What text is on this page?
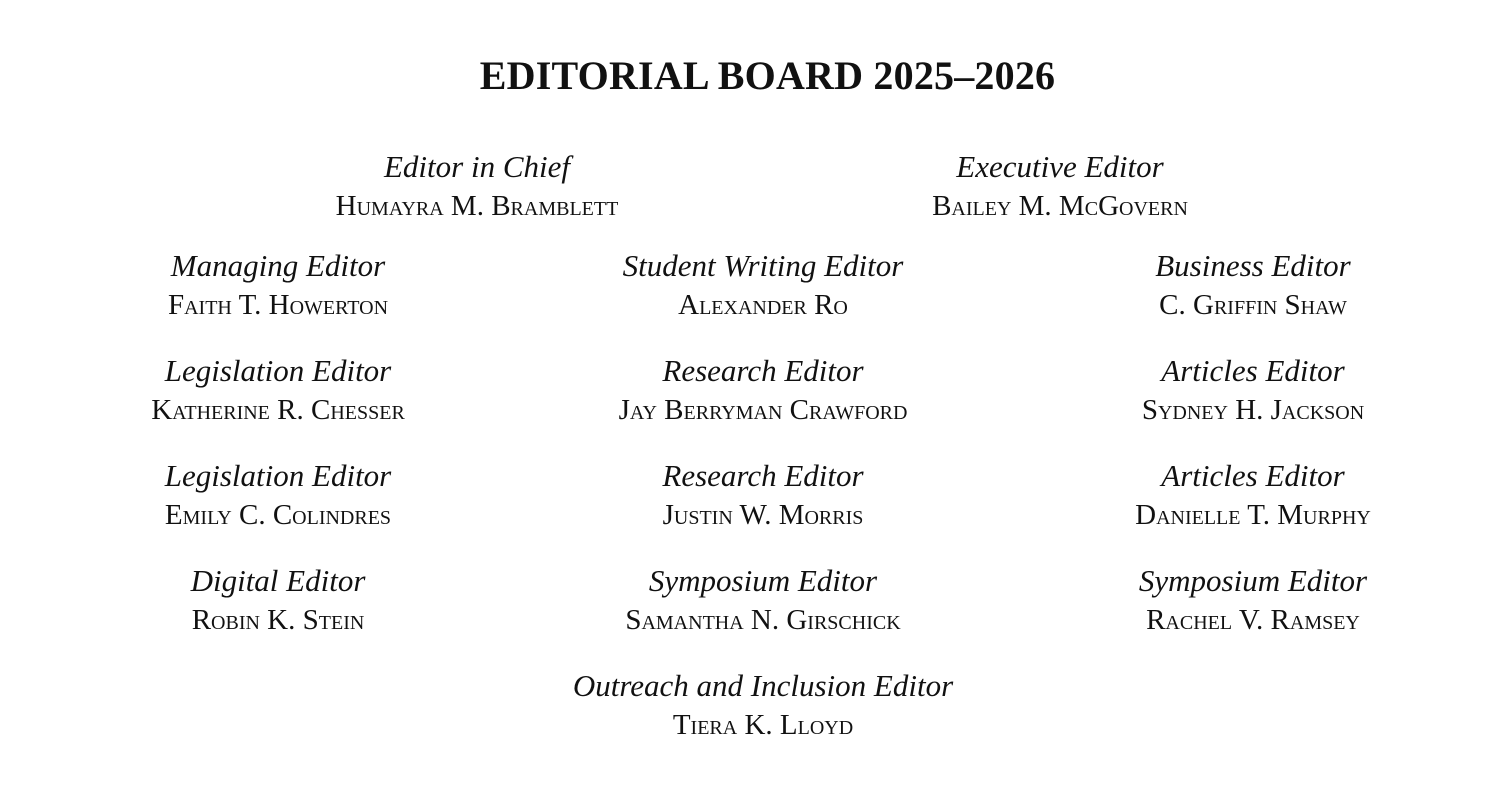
EDITORIAL BOARD 2025–2026
Editor in Chief
Humayra M. Bramblett
Executive Editor
Bailey M. McGovern
Managing Editor
Faith T. Howerton
Student Writing Editor
Alexander Ro
Business Editor
C. Griffin Shaw
Legislation Editor
Katherine R. Chesser
Research Editor
Jay Berryman Crawford
Articles Editor
Sydney H. Jackson
Legislation Editor
Emily C. Colindres
Research Editor
Justin W. Morris
Articles Editor
Danielle T. Murphy
Digital Editor
Robin K. Stein
Symposium Editor
Samantha N. Girschick
Symposium Editor
Rachel V. Ramsey
Outreach and Inclusion Editor
Tiera K. Lloyd
